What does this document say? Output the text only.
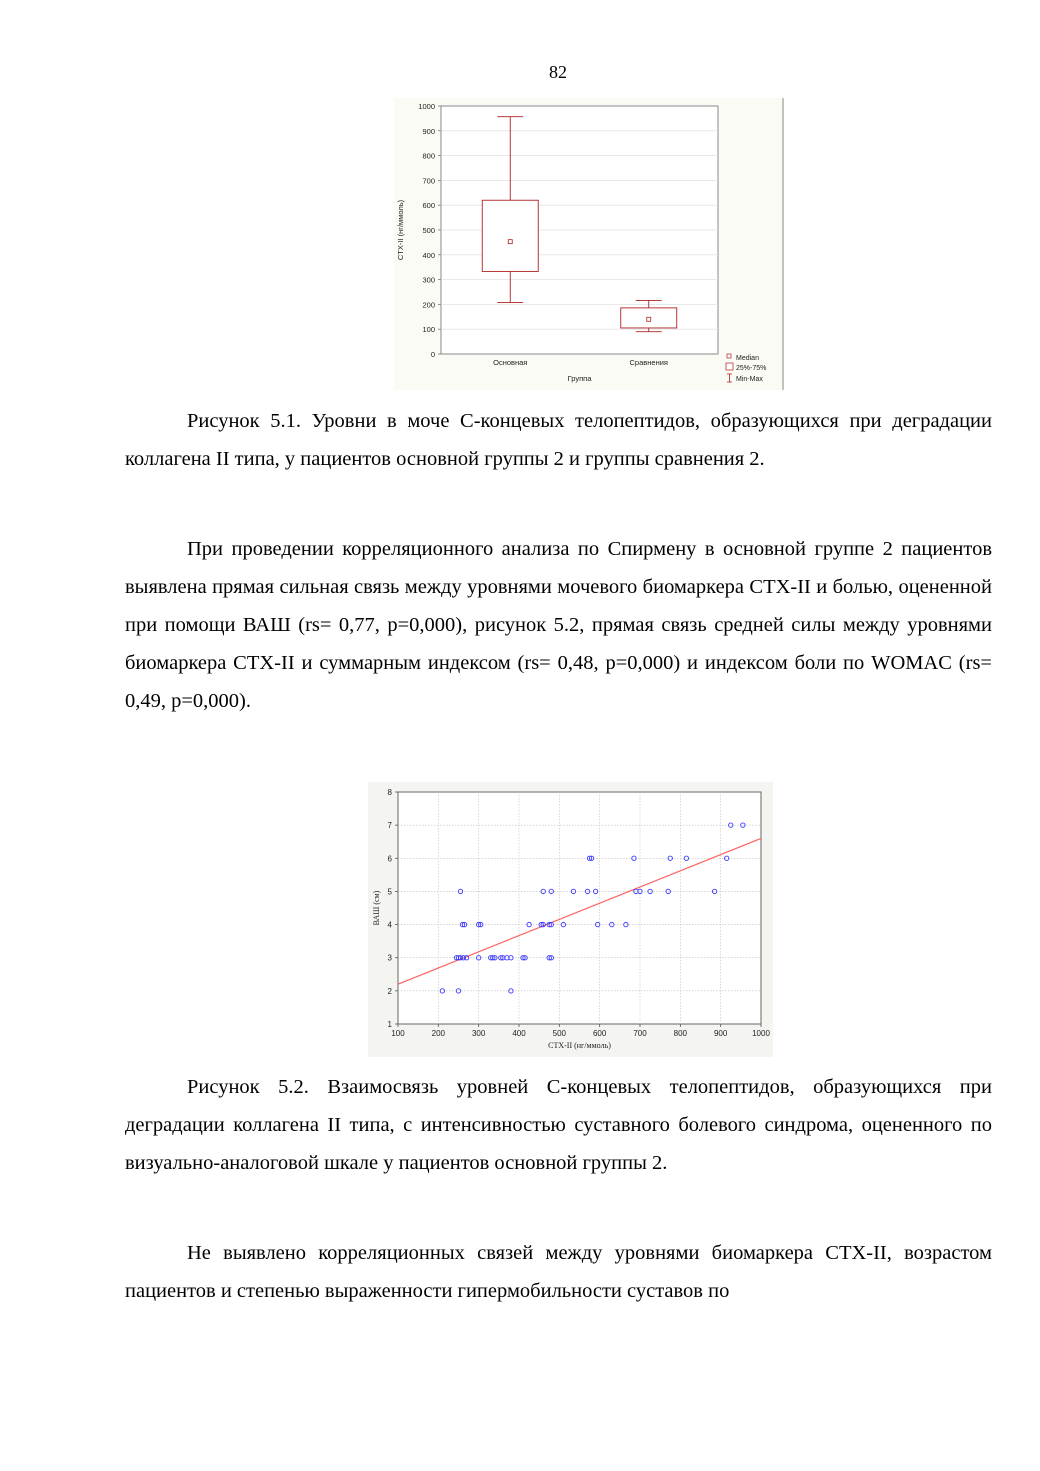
82
0
100
200
300
400
500
600
700
800
900
1000
Основная	Сравнения
Группа
CTX-II (нг/ммоль)
Median
25%-75%
Min-Max

Рисунок 5.1. Уровни в моче С-концевых телопептидов, образующихся при деградации коллагена II типа, у пациентов основной группы 2 и группы сравнения 2.

При проведении корреляционного анализа по Спирмену в основной группе 2 пациентов выявлена прямая сильная связь между уровнями мочевого биомаркера CTX-II и болью, оцененной при помощи ВАШ (rs= 0,77, p=0,000), рисунок 5.2, прямая связь средней силы между уровнями биомаркера CTX-II и суммарным индексом (rs= 0,48, p=0,000) и индексом боли по WOMAC (rs= 0,49, p=0,000).

100	200	300	400	500	600	700	800	900	1000
1
2
3
4
5
6
7
8
CTX-II (нг/ммоль)
ВАШ (см)

Рисунок 5.2. Взаимосвязь уровней С-концевых телопептидов, образующихся при деградации коллагена II типа, с интенсивностью суставного болевого синдрома, оцененного по визуально-аналоговой шкале у пациентов основной группы 2.

Не выявлено корреляционных связей между уровнями биомаркера CTX-II, возрастом пациентов и степенью выраженности гипермобильности суставов по
